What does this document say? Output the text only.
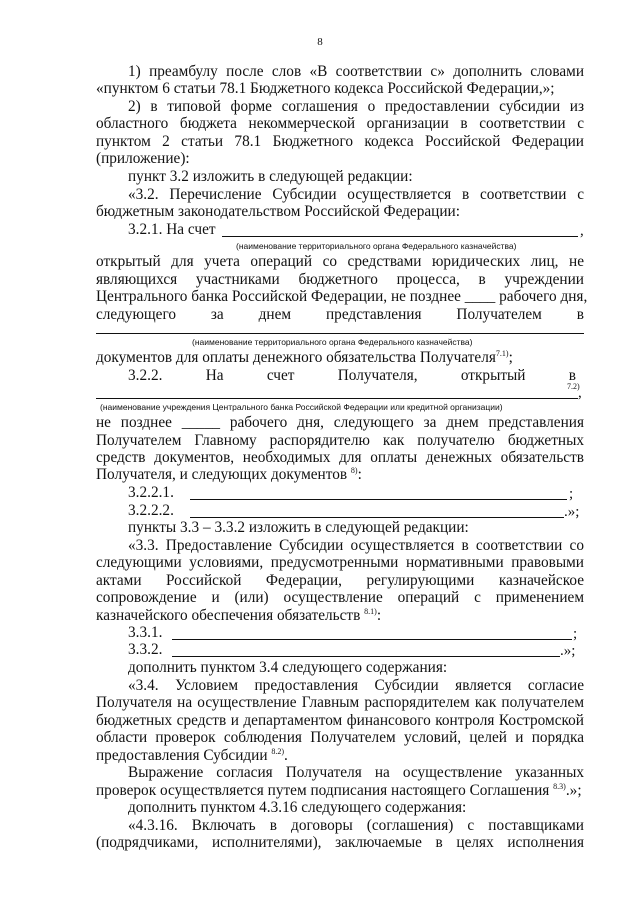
8
1) преамбулу после слов «В соответствии с» дополнить словами
«пунктом 6 статьи 78.1 Бюджетного кодекса Российской Федерации,»;
2) в типовой форме соглашения о предоставлении субсидии из
областного бюджета некоммерческой организации в соответствии с
пунктом 2 статьи 78.1 Бюджетного кодекса Российской Федерации
(приложение):
пункт 3.2 изложить в следующей редакции:
«3.2. Перечисление Субсидии осуществляется в соответствии с
бюджетным законодательством Российской Федерации:
3.2.1. На счет	,
(наименование территориального органа Федерального казначейства)
открытый для учета операций со средствами юридических лиц, не
являющихся участниками бюджетного процесса, в учреждении
Центрального банка Российской Федерации, не позднее ____ рабочего дня,
следующего за днем представления Получателем в
(наименование территориального органа Федерального казначейства)
документов для оплаты денежного обязательства Получателя$^{7.1)}$;
3.2.2. На счет Получателя, открытый в
7.2)
,
(наименование учреждения Центрального банка Российской Федерации или кредитной организации)
не позднее _____ рабочего дня, следующего за днем представления
Получателем Главному распорядителю как получателю бюджетных
средств документов, необходимых для оплаты денежных обязательств
Получателя, и следующих документов $^{8)}$:
3.2.2.1.	;
3.2.2.2.	.»;
пункты 3.3 – 3.3.2 изложить в следующей редакции:
«3.3. Предоставление Субсидии осуществляется в соответствии со
следующими условиями, предусмотренными нормативными правовыми
актами Российской Федерации, регулирующими казначейское
сопровождение и (или) осуществление операций с применением
казначейского обеспечения обязательств $^{8.1)}$:
3.3.1.	;
3.3.2.	.»;
дополнить пунктом 3.4 следующего содержания:
«3.4. Условием предоставления Субсидии является согласие
Получателя на осуществление Главным распорядителем как получателем
бюджетных средств и департаментом финансового контроля Костромской
области проверок соблюдения Получателем условий, целей и порядка
предоставления Субсидии $^{8.2)}$.
Выражение согласия Получателя на осуществление указанных
проверок осуществляется путем подписания настоящего Соглашения $^{8.3)}$.»;
дополнить пунктом 4.3.16 следующего содержания:
«4.3.16. Включать в договоры (соглашения) с поставщиками
(подрядчиками, исполнителями), заключаемые в целях исполнения
